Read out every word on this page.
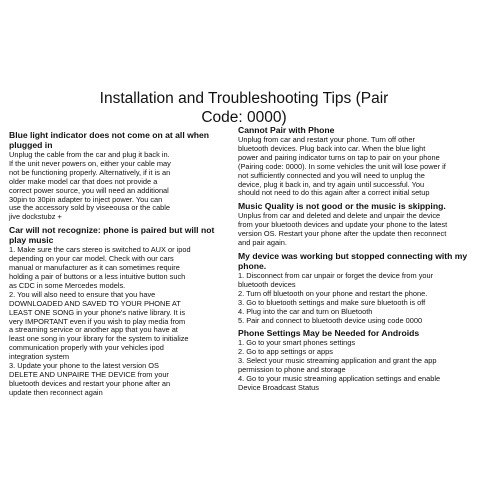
Installation and Troubleshooting Tips (Pair
Code: 0000)
Blue light indicator does not come on at all when plugged in
Unplug the cable from the car and plug it back in.
If the unit never powers on, either your cable may
not be functioning properly. Alternatively, if it is an
older make model car that does not provide a
correct power source, you will need an additional
30pin to 30pin adapter to inject power. You can
use the accessory sold by viseeousa or the cable
jive dockstubz +
Car will not recognize: phone is paired but will not play music
1. Make sure the cars stereo is switched to AUX or ipod
depending on your car model. Check with our cars
manual or manufacturer as it can sometimes require
holding a pair of buttons or a less intuitive button such
as CDC in some Mercedes models.
2. You will also need to ensure that you have
DOWNLOADED AND SAVED TO YOUR PHONE AT
LEAST ONE SONG in your phone's native library. It is
very IMPORTANT even if you wish to play media from
a streaming service or another app that you have at
least one song in your library for the system to initialize
communication properly with your vehicles ipod
integration system
3. Update your phone to the latest version OS
DELETE AND UNPAIRE THE DEVICE from your
bluetooth devices and restart your phone after an
update then reconnect again
Cannot Pair with Phone
Unplug from car and restart your phone. Turn off other
bluetooth devices. Plug back into car. When the blue light
power and pairing indicator turns on tap to pair on your phone
(Pairing code: 0000). In some vehicles the unit will lose power if
not sufficiently connected and you will need to unplug the
device, plug it back in, and try again until successful. You
should not need to do this again after a correct initial setup
Music Quality is not good or the music is skipping.
Unplus from car and deleted and delete and unpair the device
from your bluetooth devices and update your phone to the latest
version OS. Restart your phone after the update then reconnect
and pair again.
My device was working but stopped connecting with my phone.
1. Disconnect from car unpair or forget the device from your
bluetooth devices
2. Turn off bluetooth on your phone and restart the phone.
3. Go to bluetooth settings and make sure bluetooth is off
4. Plug into the car and turn on Bluetooth
5. Pair and connect to bluetooth device using code 0000
Phone Settings May be Needed for Androids
1. Go to your smart phones settings
2. Go to app settings or apps
3. Select your music streaming application and grant the app
permission to phone and storage
4. Go to your music streaming application settings and enable
Device Broadcast Status
